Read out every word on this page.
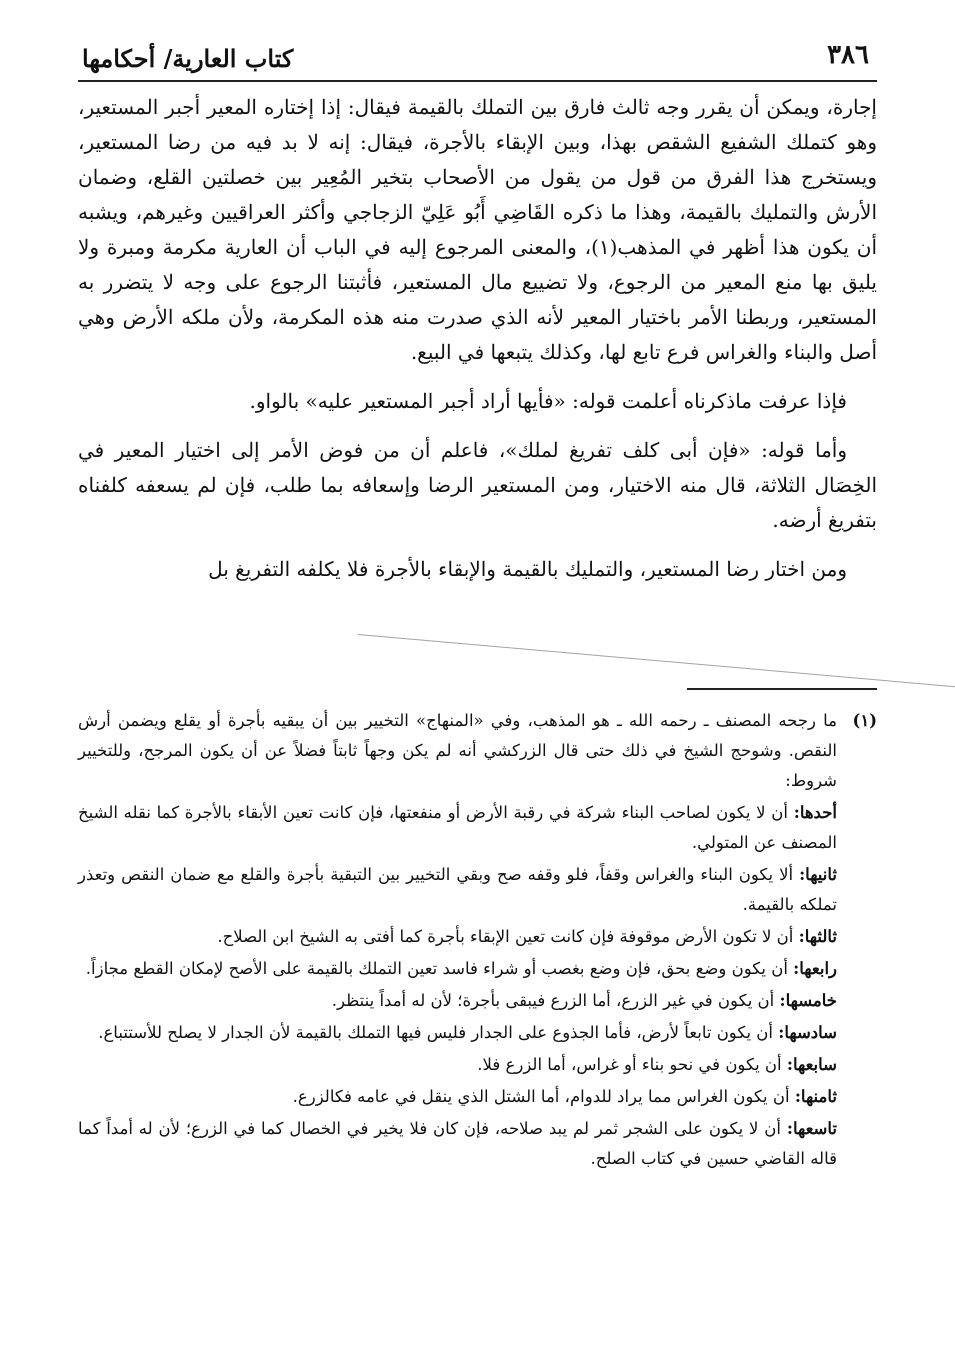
٣٨٦
كتاب العارية/ أحكامها

إجارة، ويمكن أن يقرر وجه ثالث فارق بين التملك بالقيمة فيقال: إذا إختاره المعير أجبر المستعير، وهو كتملك الشفيع الشقص بهذا، وبين الإبقاء بالأجرة، فيقال: إنه لا بد فيه من رضا المستعير، ويستخرج هذا الفرق من قول من يقول من الأصحاب بتخير المُعِير بين خصلتين القلع، وضمان الأرش والتمليك بالقيمة، وهذا ما ذكره القَاضِي أَبُو عَلِيّ الزجاجي وأكثر العراقيين وغيرهم، ويشبه أن يكون هذا أظهر في المذهب(١)، والمعنى المرجوع إليه في الباب أن العارية مكرمة ومبرة ولا يليق بها منع المعير من الرجوع، ولا تضييع مال المستعير، فأثبتنا الرجوع على وجه لا يتضرر به المستعير، وربطنا الأمر باختيار المعير لأنه الذي صدرت منه هذه المكرمة، ولأن ملكه الأرض وهي أصل والبناء والغراس فرع تابع لها، وكذلك يتبعها في البيع.

فإذا عرفت ماذكرناه أعلمت قوله: «فأيها أراد أجبر المستعير عليه» بالواو.

وأما قوله: «فإن أبى كلف تفريغ لملك»، فاعلم أن من فوض الأمر إلى اختيار المعير في الخِصَال الثلاثة، قال منه الاختيار، ومن المستعير الرضا وإسعافه بما طلب، فإن لم يسعفه كلفناه بتفريغ أرضه.

ومن اختار رضا المستعير، والتمليك بالقيمة والإبقاء بالأجرة فلا يكلفه التفريغ بل

(١)

ما رجحه المصنف ـ رحمه الله ـ هو المذهب، وفي «المنهاج» التخيير بين أن يبقيه بأجرة أو يقلع ويضمن أرش النقص. وشوحج الشيخ في ذلك حتى قال الزركشي أنه لم يكن وجهاً ثابتاً فضلاً عن أن يكون المرجح، وللتخيير شروط:

أحدها: أن لا يكون لصاحب البناء شركة في رقبة الأرض أو منفعتها، فإن كانت تعين الأبقاء بالأجرة كما نقله الشيخ المصنف عن المتولي.

ثانيها: ألا يكون البناء والغراس وقفاً، فلو وقفه صح وبقي التخيير بين التبقية بأجرة والقلع مع ضمان النقص وتعذر تملكه بالقيمة.

ثالثها: أن لا تكون الأرض موقوفة فإن كانت تعين الإبقاء بأجرة كما أفتى به الشيخ ابن الصلاح.

رابعها: أن يكون وضع بحق، فإن وضع بغصب أو شراء فاسد تعين التملك بالقيمة على الأصح لإمكان القطع مجازاً.

خامسها: أن يكون في غير الزرع، أما الزرع فيبقى بأجرة؛ لأن له أمداً ينتظر.

سادسها: أن يكون تابعاً لأرض، فأما الجذوع على الجدار فليس فيها التملك بالقيمة لأن الجدار لا يصلح للأستتباع.

سابعها: أن يكون في نحو بناء أو غراس، أما الزرع فلا.

ثامنها: أن يكون الغراس مما يراد للدوام، أما الشتل الذي ينقل في عامه فكالزرع.

تاسعها: أن لا يكون على الشجر ثمر لم يبد صلاحه، فإن كان فلا يخير في الخصال كما في الزرع؛ لأن له أمداً كما قاله القاضي حسين في كتاب الصلح.
